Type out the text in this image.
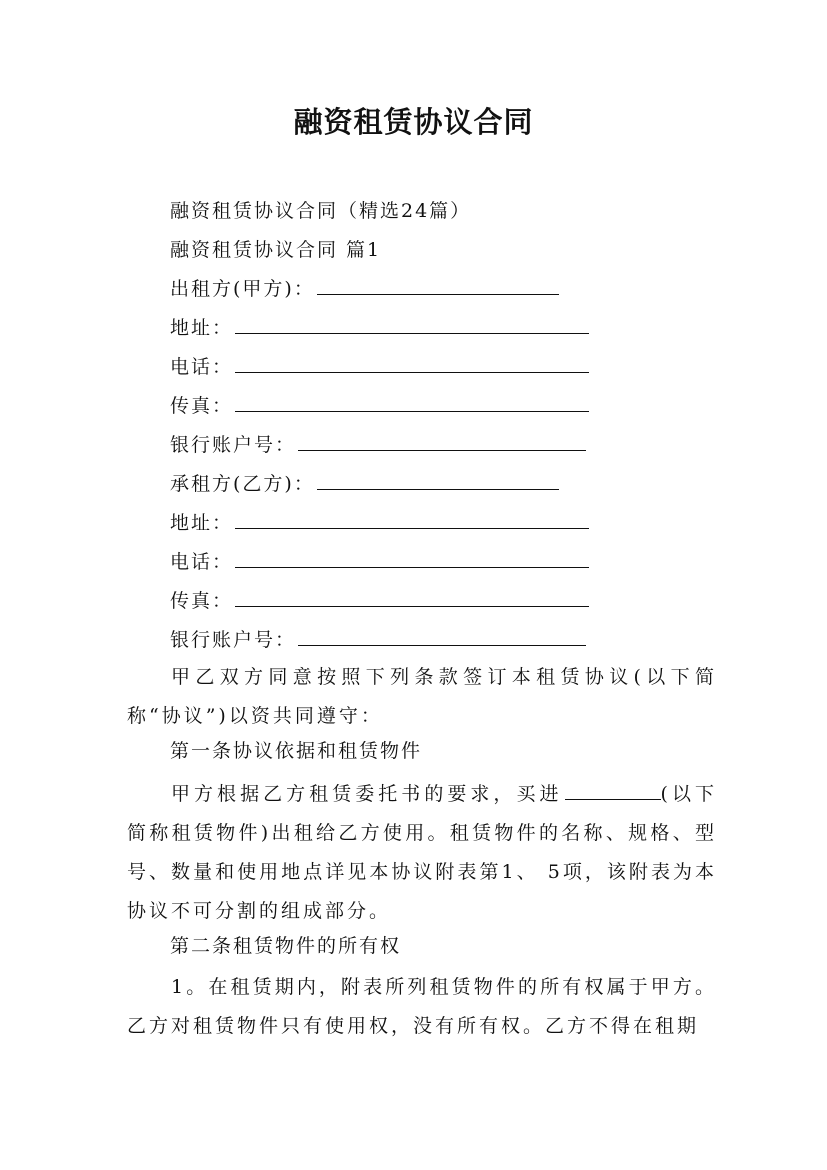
融资租赁协议合同
融资租赁协议合同（精选24篇）
融资租赁协议合同 篇1
出租方(甲方)：
地址：
电话：
传真：
银行账户号：
承租方(乙方)：
地址：
电话：
传真：
银行账户号：
甲乙双方同意按照下列条款签订本租赁协议(以下简称“协议”)以资共同遵守：
第一条协议依据和租赁物件
甲方根据乙方租赁委托书的要求，买进	(以下简称租赁物件)出租给乙方使用。租赁物件的名称、规格、型号、数量和使用地点详见本协议附表第1、 5项，该附表为本协议不可分割的组成部分。
第二条租赁物件的所有权
1。在租赁期内，附表所列租赁物件的所有权属于甲方。乙方对租赁物件只有使用权，没有所有权。乙方不得在租期
